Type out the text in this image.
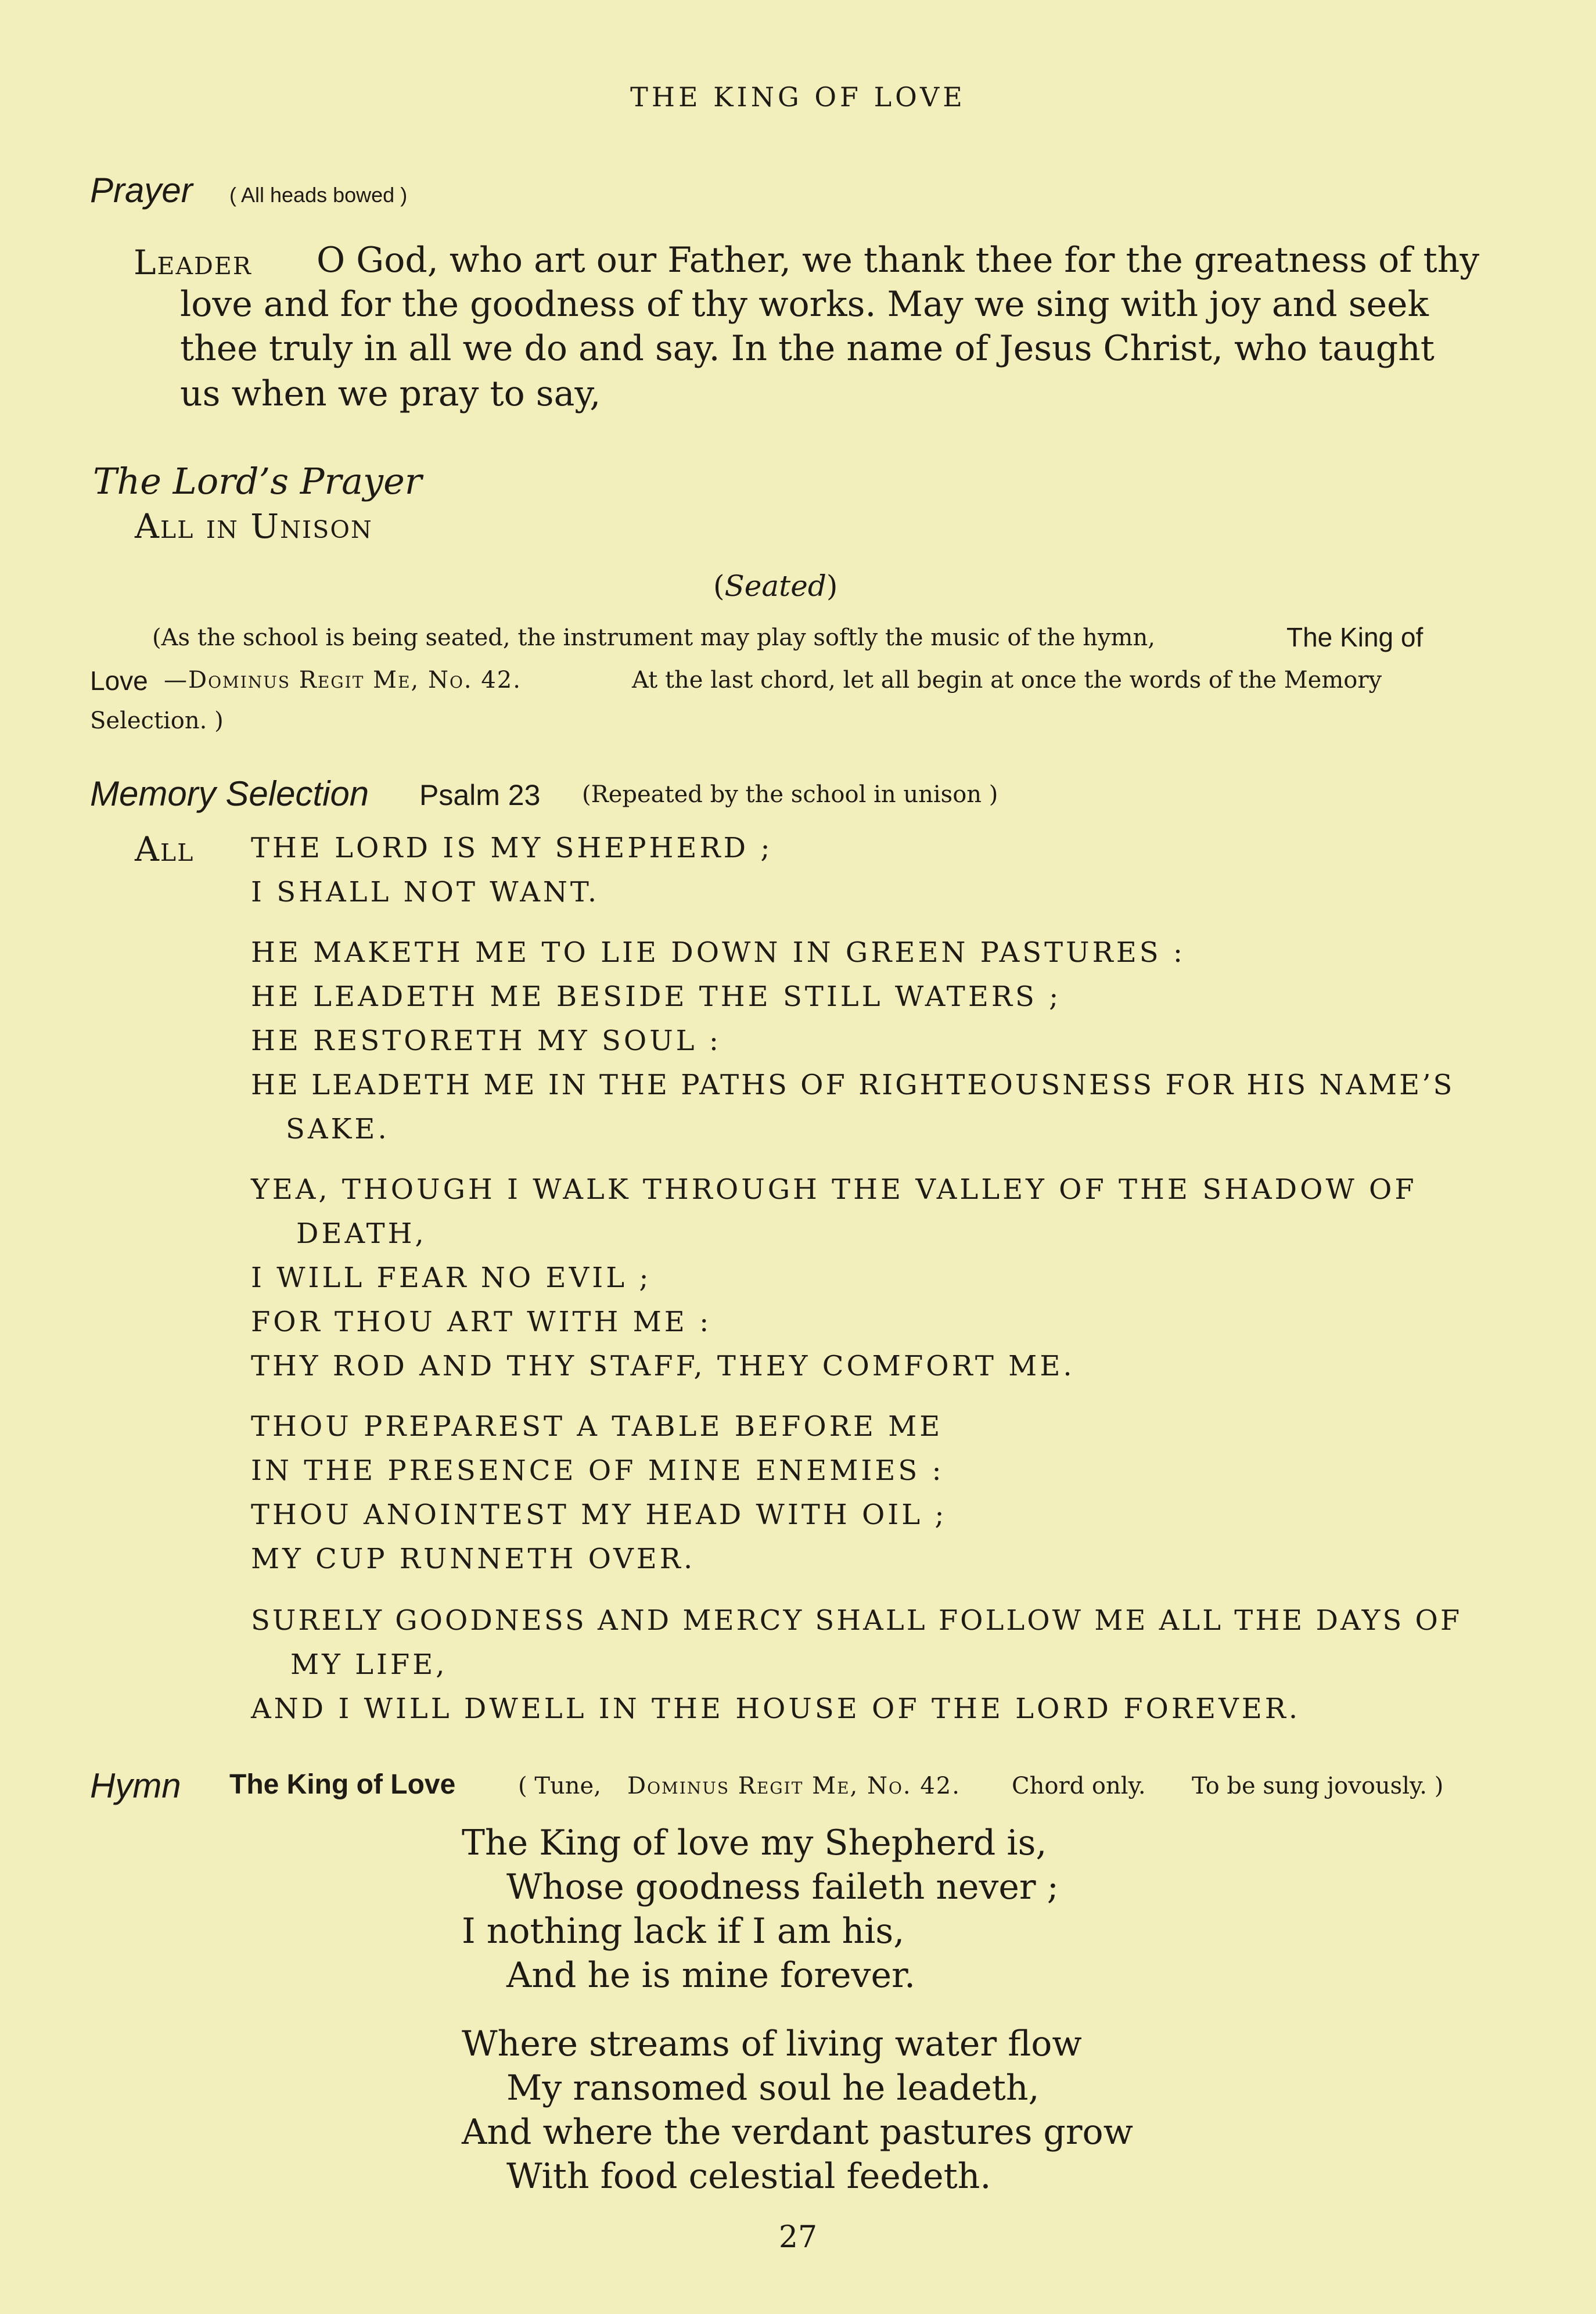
THE KING OF LOVE
Prayer ( All heads bowed )
Leader O God, who art our Father, we thank thee for the greatness of thy
love and for the goodness of thy works. May we sing with joy and seek
thee truly in all we do and say. In the name of Jesus Christ, who taught
us when we pray to say,
The Lord’s Prayer
All in Unison
(Seated)
(As the school is being seated, the instrument may play softly the music of the hymn,	The King of
Love —Dominus Regit Me, No. 42.	At the last chord, let all begin at once the words of the Memory
Selection. )
Memory Selection Psalm 23 (Repeated by the school in unison )
All THE LORD IS MY SHEPHERD ;
I SHALL NOT WANT.
HE MAKETH ME TO LIE DOWN IN GREEN PASTURES :
HE LEADETH ME BESIDE THE STILL WATERS ;
HE RESTORETH MY SOUL :
HE LEADETH ME IN THE PATHS OF RIGHTEOUSNESS FOR HIS NAME’S
SAKE.
YEA, THOUGH I WALK THROUGH THE VALLEY OF THE SHADOW OF
DEATH,
I WILL FEAR NO EVIL ;
FOR THOU ART WITH ME :
THY ROD AND THY STAFF, THEY COMFORT ME.
THOU PREPAREST A TABLE BEFORE ME
IN THE PRESENCE OF MINE ENEMIES :
THOU ANOINTEST MY HEAD WITH OIL ;
MY CUP RUNNETH OVER.
SURELY GOODNESS AND MERCY SHALL FOLLOW ME ALL THE DAYS OF
MY LIFE,
AND I WILL DWELL IN THE HOUSE OF THE LORD FOREVER.
Hymn The King of Love	( Tune, Dominus Regit Me, No. 42. Chord only. To be sung jovously. )
The King of love my Shepherd is,
Whose goodness faileth never ;
I nothing lack if I am his,
And he is mine forever.
Where streams of living water flow
My ransomed soul he leadeth,
And where the verdant pastures grow
With food celestial feedeth.
27
